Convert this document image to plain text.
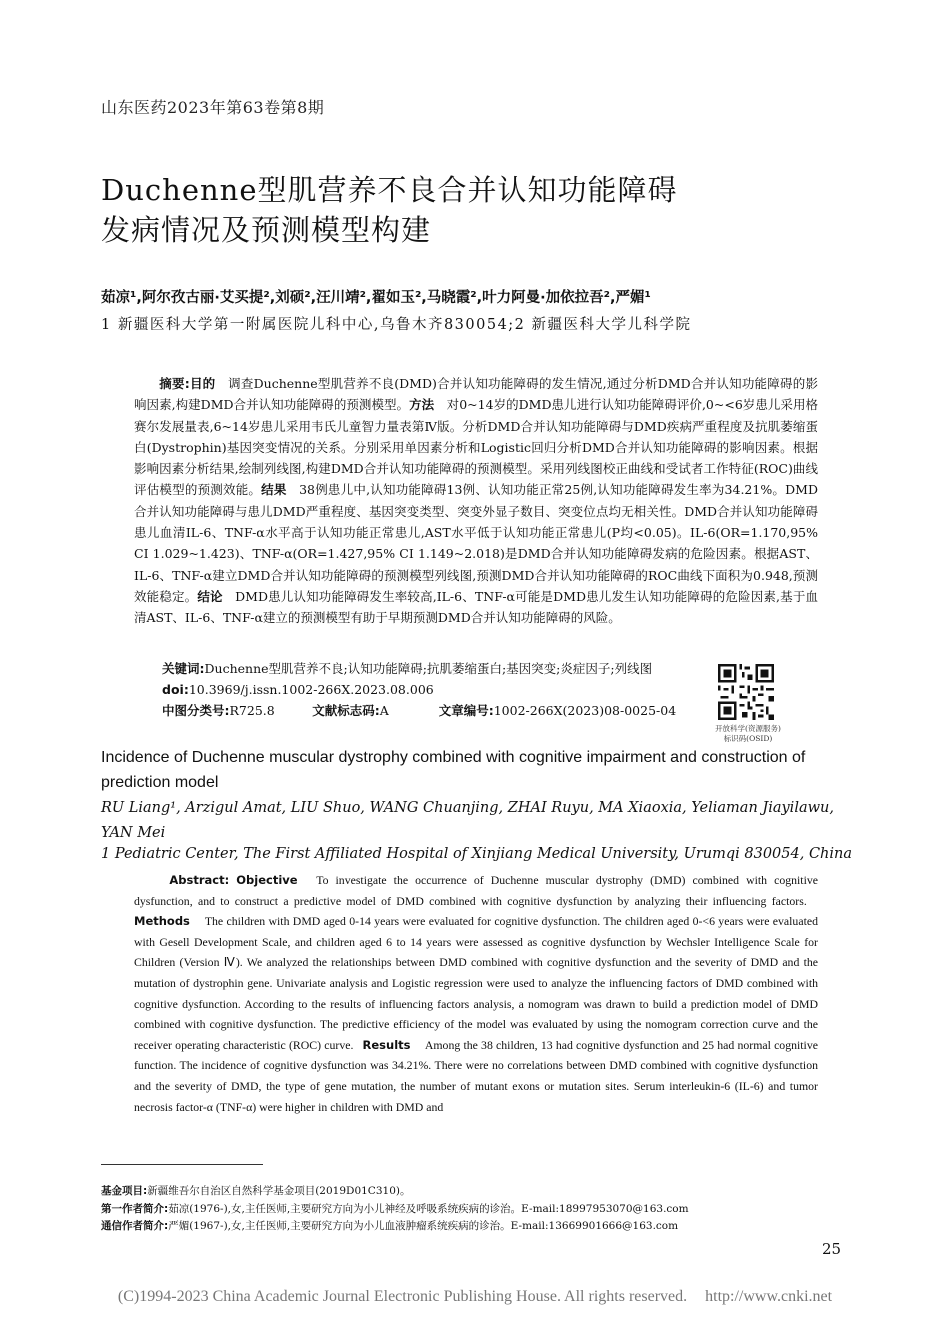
山东医药2023年第63卷第8期
Duchenne型肌营养不良合并认知功能障碍
发病情况及预测模型构建
茹凉¹,阿尔孜古丽·艾买提²,刘硕²,汪川靖²,翟如玉²,马晓霞²,叶力阿曼·加依拉吾²,严媚¹
1 新疆医科大学第一附属医院儿科中心,乌鲁木齐830054;2 新疆医科大学儿科学院

  摘要:目的  调查Duchenne型肌营养不良(DMD)合并认知功能障碍的发生情况,通过分析DMD合并认知功能障碍的影响因素,构建DMD合并认知功能障碍的预测模型。方法  对0~14岁的DMD患儿进行认知功能障碍评价,0~<6岁患儿采用格赛尔发展量表,6~14岁患儿采用韦氏儿童智力量表第Ⅳ版。分析DMD合并认知功能障碍与DMD疾病严重程度及抗肌萎缩蛋白(Dystrophin)基因突变情况的关系。分别采用单因素分析和Logistic回归分析DMD合并认知功能障碍的影响因素。根据影响因素分析结果,绘制列线图,构建DMD合并认知功能障碍的预测模型。采用列线图校正曲线和受试者工作特征(ROC)曲线评估模型的预测效能。结果  38例患儿中,认知功能障碍13例、认知功能正常25例,认知功能障碍发生率为34.21%。DMD合并认知功能障碍与患儿DMD严重程度、基因突变类型、突变外显子数目、突变位点均无相关性。DMD合并认知功能障碍患儿血清IL-6、TNF-α水平高于认知功能正常患儿,AST水平低于认知功能正常患儿(P均<0.05)。IL-6(OR=1.170,95% CI 1.029~1.423)、TNF-α(OR=1.427,95% CI 1.149~2.018)是DMD合并认知功能障碍发病的危险因素。根据AST、IL-6、TNF-α建立DMD合并认知功能障碍的预测模型列线图,预测DMD合并认知功能障碍的ROC曲线下面积为0.948,预测效能稳定。结论  DMD患儿认知功能障碍发生率较高,IL-6、TNF-α可能是DMD患儿发生认知功能障碍的危险因素,基于血清AST、IL-6、TNF-α建立的预测模型有助于早期预测DMD合并认知功能障碍的风险。

关键词:Duchenne型肌营养不良;认知功能障碍;抗肌萎缩蛋白;基因突变;炎症因子;列线图
doi:10.3969/j.issn.1002-266X.2023.08.006
中图分类号:R725.8   	文献标志码:A    	文章编号:1002-266X(2023)08-0025-04
开放科学(资源服务)
标识码(OSID)
Incidence of Duchenne muscular dystrophy combined with cognitive impairment and construction of prediction model
RU Liang¹, Arzigul Amat, LIU Shuo, WANG Chuanjing, ZHAI Ruyu, MA Xiaoxia, Yeliaman Jiayilawu, YAN Mei
1 Pediatric Center, The First Affiliated Hospital of Xinjiang Medical University, Urumqi 830054, China
   Abstract: Objective  To investigate the occurrence of Duchenne muscular dystrophy (DMD) combined with cognitive dysfunction, and to construct a predictive model of DMD combined with cognitive dysfunction by analyzing their influencing factors.  Methods  The children with DMD aged 0-14 years were evaluated for cognitive dysfunction. The children aged 0-<6 years were evaluated with Gesell Development Scale, and children aged 6 to 14 years were assessed as cognitive dysfunction by Wechsler Intelligence Scale for Children (Version Ⅳ). We analyzed the relationships between DMD combined with cognitive dysfunction and the severity of DMD and the mutation of dystrophin gene. Univariate analysis and Logistic regression were used to analyze the influencing factors of DMD combined with cognitive dysfunction. According to the results of influencing factors analysis, a nomogram was drawn to build a prediction model of DMD combined with cognitive dysfunction. The predictive efficiency of the model was evaluated by using the nomogram correction curve and the receiver operating characteristic (ROC) curve.   Results  Among the 38 children, 13 had cognitive dysfunction and 25 had normal cognitive function. The incidence of cognitive dysfunction was 34.21%. There were no correlations between DMD combined with cognitive dysfunction and the severity of DMD, the type of gene mutation, the number of mutant exons or mutation sites. Serum interleukin-6 (IL-6) and tumor necrosis factor-α (TNF-α) were higher in children with DMD and
基金项目:新疆维吾尔自治区自然科学基金项目(2019D01C310)。
第一作者简介:茹凉(1976-),女,主任医师,主要研究方向为小儿神经及呼吸系统疾病的诊治。E-mail:18997953070@163.com
通信作者简介:严媚(1967-),女,主任医师,主要研究方向为小儿血液肿瘤系统疾病的诊治。E-mail:13669901666@163.com
25
(C)1994-2023 China Academic Journal Electronic Publishing House. All rights reserved. http://www.cnki.net
